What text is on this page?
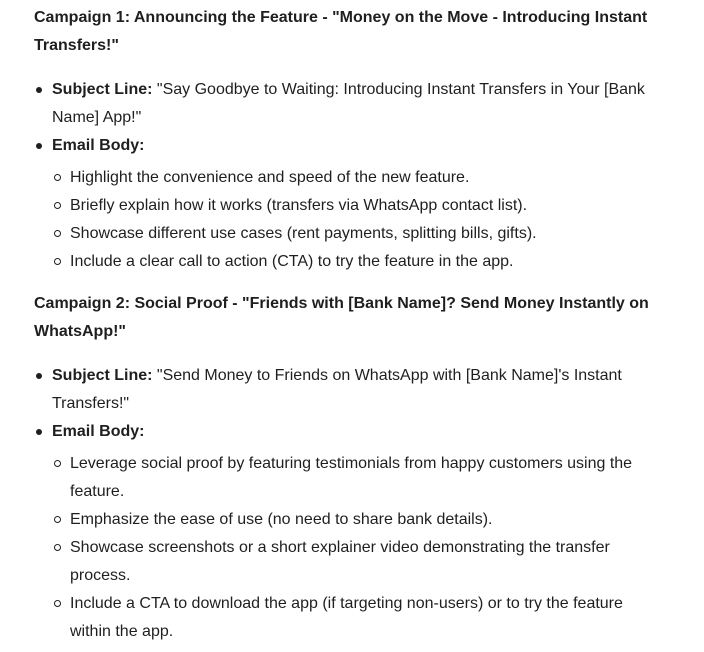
Campaign 1: Announcing the Feature - "Money on the Move - Introducing Instant Transfers!"

Subject Line: "Say Goodbye to Waiting: Introducing Instant Transfers in Your [Bank Name] App!"
Email Body:
Highlight the convenience and speed of the new feature.
Briefly explain how it works (transfers via WhatsApp contact list).
Showcase different use cases (rent payments, splitting bills, gifts).
Include a clear call to action (CTA) to try the feature in the app.

Campaign 2: Social Proof - "Friends with [Bank Name]? Send Money Instantly on WhatsApp!"

Subject Line: "Send Money to Friends on WhatsApp with [Bank Name]'s Instant Transfers!"
Email Body:
Leverage social proof by featuring testimonials from happy customers using the feature.
Emphasize the ease of use (no need to share bank details).
Showcase screenshots or a short explainer video demonstrating the transfer process.
Include a CTA to download the app (if targeting non-users) or to try the feature within the app.
